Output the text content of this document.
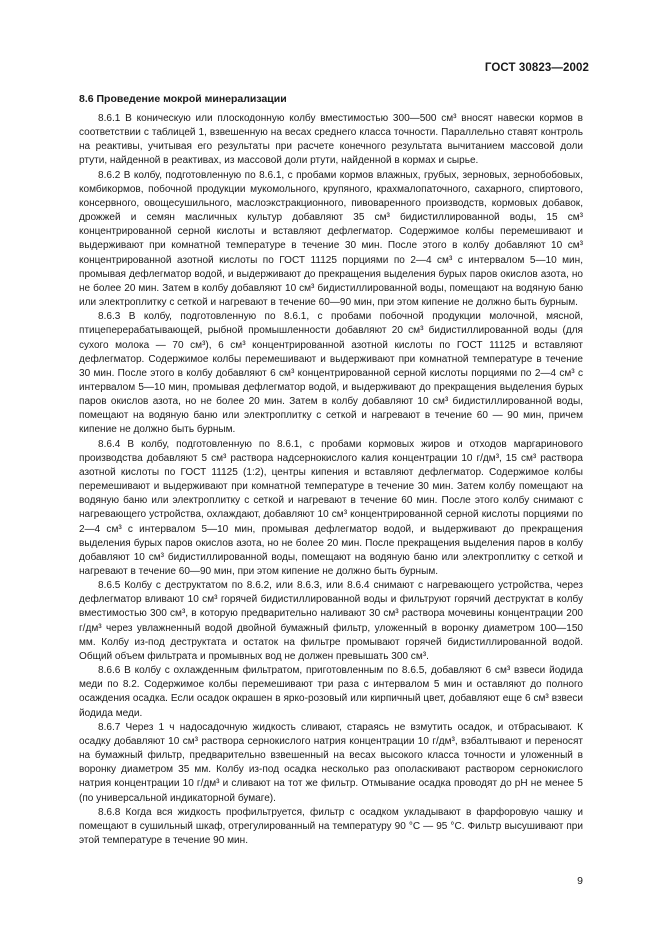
ГОСТ 30823—2002
8.6 Проведение мокрой минерализации

8.6.1 В коническую или плоскодонную колбу вместимостью 300—500 см³ вносят навески кормов в соответствии с таблицей 1, взвешенную на весах среднего класса точности. Параллельно ставят контроль на реактивы, учитывая его результаты при расчете конечного результата вычитанием массовой доли ртути, найденной в реактивах, из массовой доли ртути, найденной в кормах и сырье.

8.6.2 В колбу, подготовленную по 8.6.1, с пробами кормов влажных, грубых, зерновых, зернобобовых, комбикормов, побочной продукции мукомольного, крупяного, крахмалопаточного, сахарного, спиртового, консервного, овощесушильного, маслоэкстракционного, пивоваренного производств, кормовых добавок, дрожжей и семян масличных культур добавляют 35 см³ бидистиллированной воды, 15 см³ концентрированной серной кислоты и вставляют дефлегматор. Содержимое колбы перемешивают и выдерживают при комнатной температуре в течение 30 мин. После этого в колбу добавляют 10 см³ концентрированной азотной кислоты по ГОСТ 11125 порциями по 2—4 см³ с интервалом 5—10 мин, промывая дефлегматор водой, и выдерживают до прекращения выделения бурых паров окислов азота, но не более 20 мин. Затем в колбу добавляют 10 см³ бидистиллированной воды, помещают на водяную баню или электроплитку с сеткой и нагревают в течение 60—90 мин, при этом кипение не должно быть бурным.

8.6.3 В колбу, подготовленную по 8.6.1, с пробами побочной продукции молочной, мясной, птицеперерабатывающей, рыбной промышленности добавляют 20 см³ бидистиллированной воды (для сухого молока — 70 см³), 6 см³ концентрированной азотной кислоты по ГОСТ 11125 и вставляют дефлегматор. Содержимое колбы перемешивают и выдерживают при комнатной температуре в течение 30 мин. После этого в колбу добавляют 6 см³ концентрированной серной кислоты порциями по 2—4 см³ с интервалом 5—10 мин, промывая дефлегматор водой, и выдерживают до прекращения выделения бурых паров окислов азота, но не более 20 мин. Затем в колбу добавляют 10 см³ бидистиллированной воды, помещают на водяную баню или электроплитку с сеткой и нагревают в течение 60 — 90 мин, причем кипение не должно быть бурным.

8.6.4 В колбу, подготовленную по 8.6.1, с пробами кормовых жиров и отходов маргаринового производства добавляют 5 см³ раствора надсернокислого калия концентрации 10 г/дм³, 15 см³ раствора азотной кислоты по ГОСТ 11125 (1:2), центры кипения и вставляют дефлегматор. Содержимое колбы перемешивают и выдерживают при комнатной температуре в течение 30 мин. Затем колбу помещают на водяную баню или электроплитку с сеткой и нагревают в течение 60 мин. После этого колбу снимают с нагревающего устройства, охлаждают, добавляют 10 см³ концентрированной серной кислоты порциями по 2—4 см³ с интервалом 5—10 мин, промывая дефлегматор водой, и выдерживают до прекращения выделения бурых паров окислов азота, но не более 20 мин. После прекращения выделения паров в колбу добавляют 10 см³ бидистиллированной воды, помещают на водяную баню или электроплитку с сеткой и нагревают в течение 60—90 мин, при этом кипение не должно быть бурным.

8.6.5 Колбу с деструктатом по 8.6.2, или 8.6.3, или 8.6.4 снимают с нагревающего устройства, через дефлегматор вливают 10 см³ горячей бидистиллированной воды и фильтруют горячий деструктат в колбу вместимостью 300 см³, в которую предварительно наливают 30 см³ раствора мочевины концентрации 200 г/дм³ через увлажненный водой двойной бумажный фильтр, уложенный в воронку диаметром 100—150 мм. Колбу из-под деструктата и остаток на фильтре промывают горячей бидистиллированной водой. Общий объем фильтрата и промывных вод не должен превышать 300 см³.

8.6.6 В колбу с охлажденным фильтратом, приготовленным по 8.6.5, добавляют 6 см³ взвеси йодида меди по 8.2. Содержимое колбы перемешивают три раза с интервалом 5 мин и оставляют до полного осаждения осадка. Если осадок окрашен в ярко-розовый или кирпичный цвет, добавляют еще 6 см³ взвеси йодида меди.

8.6.7 Через 1 ч надосадочную жидкость сливают, стараясь не взмутить осадок, и отбрасывают. К осадку добавляют 10 см³ раствора сернокислого натрия концентрации 10 г/дм³, взбалтывают и переносят на бумажный фильтр, предварительно взвешенный на весах высокого класса точности и уложенный в воронку диаметром 35 мм. Колбу из-под осадка несколько раз ополаскивают раствором сернокислого натрия концентрации 10 г/дм³ и сливают на тот же фильтр. Отмывание осадка проводят до pH не менее 5 (по универсальной индикаторной бумаге).

8.6.8 Когда вся жидкость профильтруется, фильтр с осадком укладывают в фарфоровую чашку и помещают в сушильный шкаф, отрегулированный на температуру 90 °С — 95 °С. Фильтр высушивают при этой температуре в течение 90 мин.

9
